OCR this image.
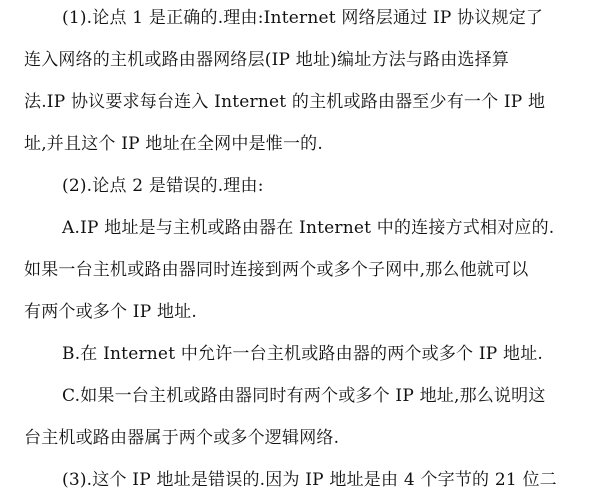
(1).论点 1 是正确的.理由:Internet 网络层通过 IP 协议规定了
连入网络的主机或路由器网络层(IP 地址)编址方法与路由选择算
法.IP 协议要求每台连入 Internet 的主机或路由器至少有一个 IP 地
址,并且这个 IP 地址在全网中是惟一的.
(2).论点 2 是错误的.理由:
A.IP 地址是与主机或路由器在 Internet 中的连接方式相对应的.
如果一台主机或路由器同时连接到两个或多个子网中,那么他就可以
有两个或多个 IP 地址.
B.在 Internet 中允许一台主机或路由器的两个或多个 IP 地址.
C.如果一台主机或路由器同时有两个或多个 IP 地址,那么说明这
台主机或路由器属于两个或多个逻辑网络.
(3).这个 IP 地址是错误的.因为 IP 地址是由 4 个字节的 21 位二
